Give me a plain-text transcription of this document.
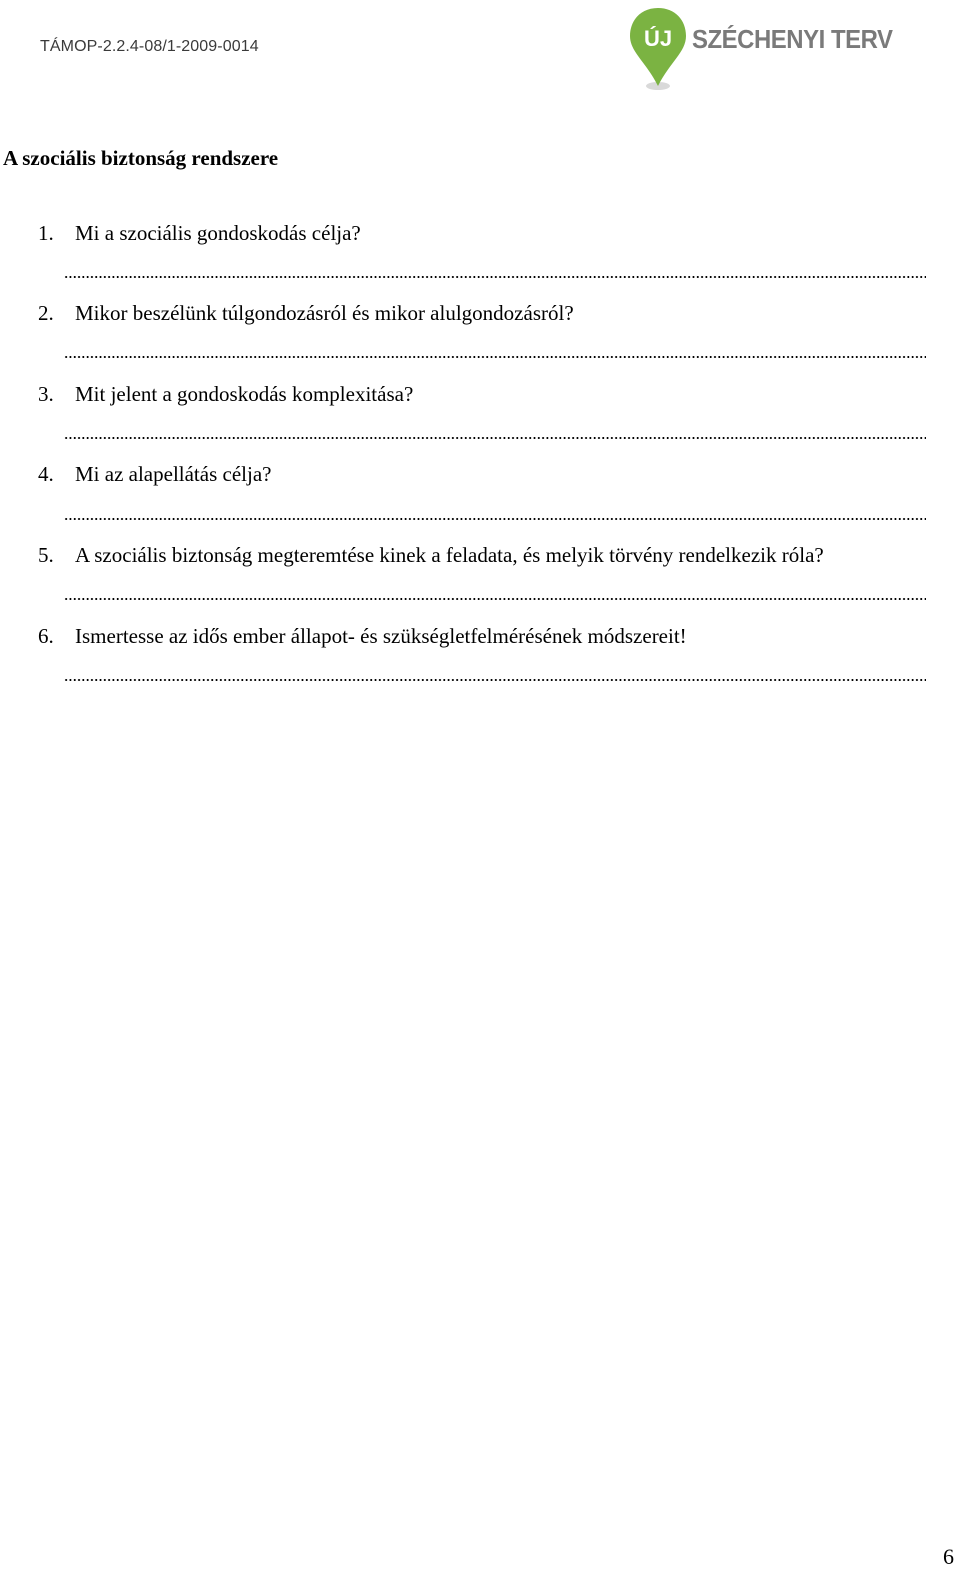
TÁMOP-2.2.4-08/1-2009-0014	ÚJ SZÉCHENYI TERV
A szociális biztonság rendszere
1. Mi a szociális gondoskodás célja?
2. Mikor beszélünk túlgondozásról és mikor alulgondozásról?
3. Mit jelent a gondoskodás komplexitása?
4. Mi az alapellátás célja?
5. A szociális biztonság megteremtése kinek a feladata, és melyik törvény rendelkezik róla?
6. Ismertesse az idős ember állapot- és szükségletfelmérésének módszereit!
6
